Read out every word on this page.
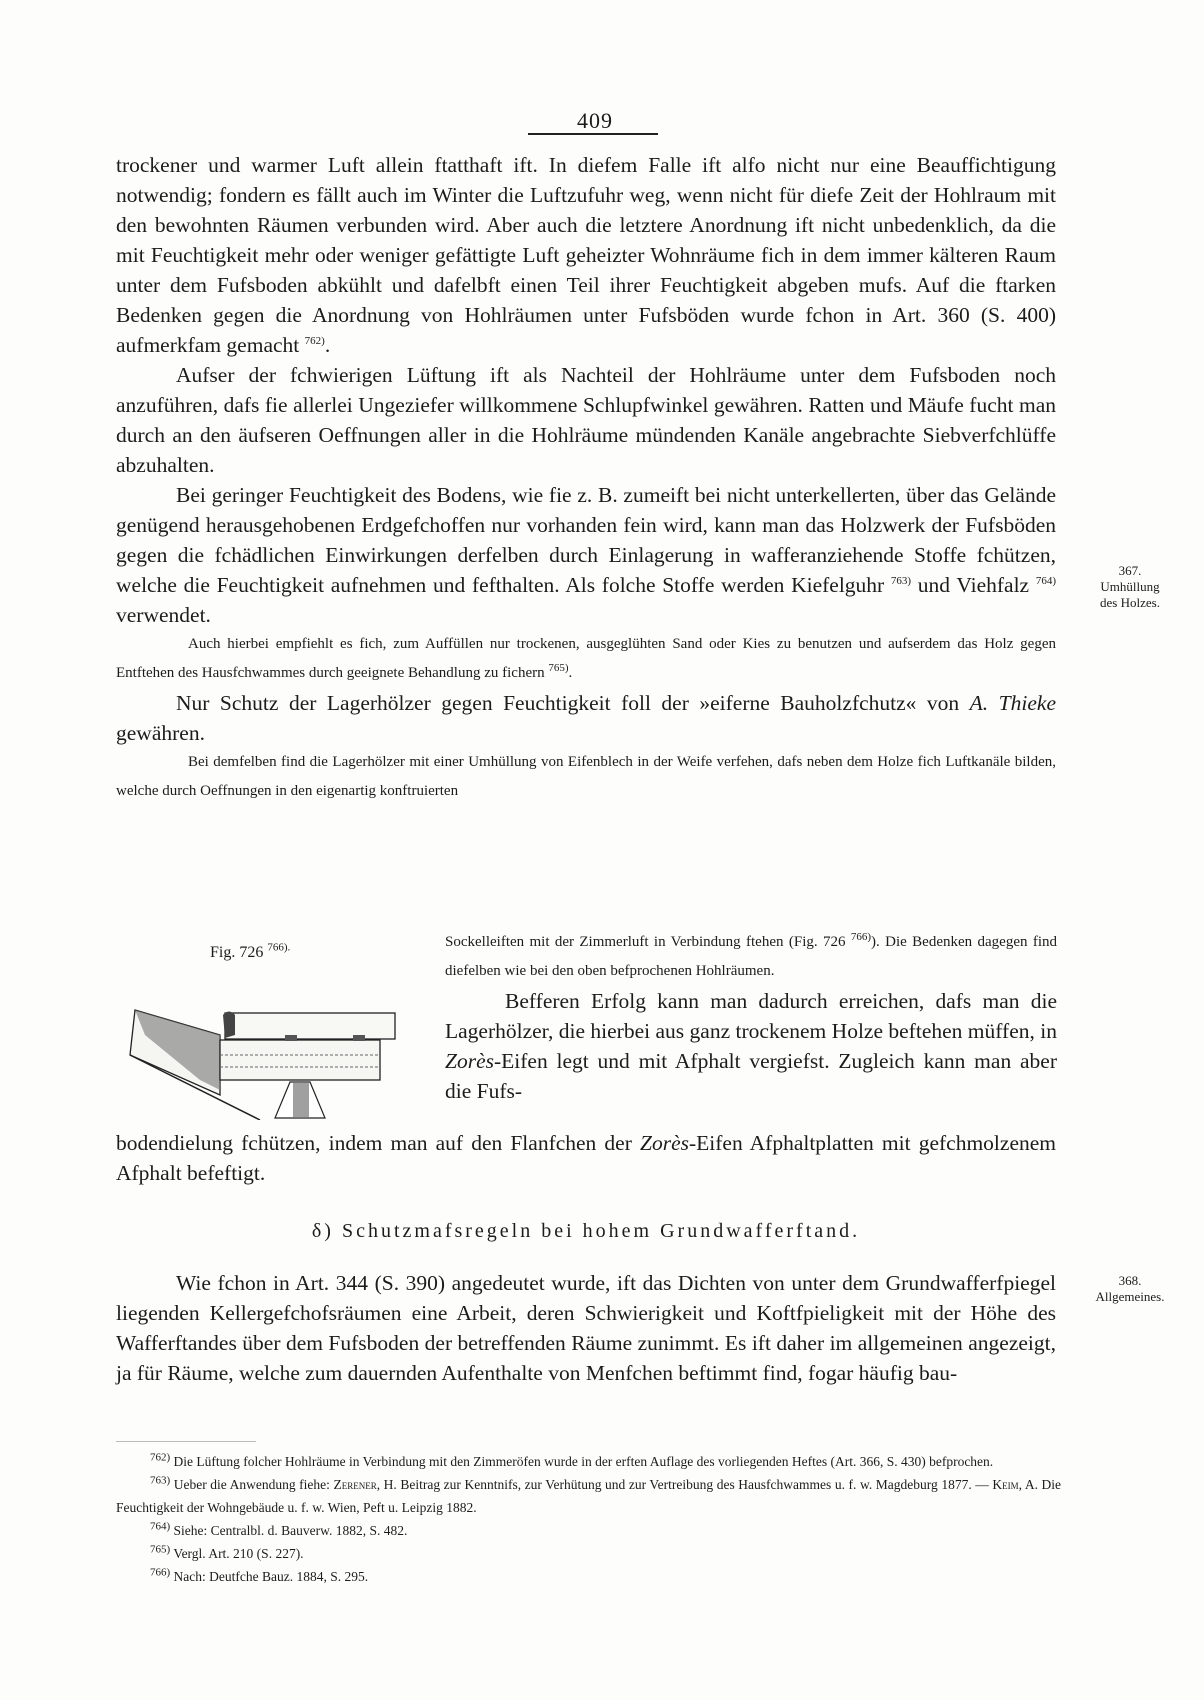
409

trockener und warmer Luft allein ftatthaft ift. In diefem Falle ift alfo nicht nur eine Beauffichtigung notwendig; fondern es fällt auch im Winter die Luftzufuhr weg, wenn nicht für diefe Zeit der Hohlraum mit den bewohnten Räumen verbunden wird. Aber auch die letztere Anordnung ift nicht unbedenklich, da die mit Feuchtigkeit mehr oder weniger gefättigte Luft geheizter Wohnräume fich in dem immer kälteren Raum unter dem Fufsboden abkühlt und dafelbft einen Teil ihrer Feuchtigkeit abgeben mufs. Auf die ftarken Bedenken gegen die Anordnung von Hohlräumen unter Fufsböden wurde fchon in Art. 360 (S. 400) aufmerkfam gemacht $^{762)}$.

Aufser der fchwierigen Lüftung ift als Nachteil der Hohlräume unter dem Fufsboden noch anzuführen, dafs fie allerlei Ungeziefer willkommene Schlupfwinkel gewähren. Ratten und Mäufe fucht man durch an den äufseren Oeffnungen aller in die Hohlräume mündenden Kanäle angebrachte Siebverfchlüffe abzuhalten.

Bei geringer Feuchtigkeit des Bodens, wie fie z. B. zumeift bei nicht unterkellerten, über das Gelände genügend herausgehobenen Erdgefchoffen nur vorhanden fein wird, kann man das Holzwerk der Fufsböden gegen die fchädlichen Einwirkungen derfelben durch Einlagerung in wafferanziehende Stoffe fchützen, welche die Feuchtigkeit aufnehmen und fefthalten. Als folche Stoffe werden Kiefelguhr $^{763)}$ und Viehfalz $^{764)}$ verwendet.

Auch hierbei empfiehlt es fich, zum Auffüllen nur trockenen, ausgeglühten Sand oder Kies zu benutzen und aufserdem das Holz gegen Entftehen des Hausfchwammes durch geeignete Behandlung zu fichern $^{765)}$.

Nur Schutz der Lagerhölzer gegen Feuchtigkeit foll der »eiferne Bauholzfchutz« von A. Thieke gewähren.

Bei demfelben find die Lagerhölzer mit einer Umhüllung von Eifenblech in der Weife verfehen, dafs neben dem Holze fich Luftkanäle bilden, welche durch Oeffnungen in den eigenartig konftruierten

367.
Umhüllung
des Holzes.
Fig. 726 $^{766).}$	Sockelleiften mit der Zimmerluft in Verbindung ftehen (Fig. 726 $^{766)}$). Die Bedenken dagegen find diefelben wie bei den oben befprochenen Hohlräumen.

Befferen Erfolg kann man dadurch erreichen, dafs man die Lagerhölzer, die hierbei aus ganz trockenem Holze beftehen müffen, in Zorès-Eifen legt und mit Afphalt vergiefst. Zugleich kann man aber die Fufs-

bodendielung fchützen, indem man auf den Flanfchen der Zorès-Eifen Afphaltplatten mit gefchmolzenem Afphalt befeftigt.

δ) Schutzmafsregeln bei hohem Grundwafferftand.

Wie fchon in Art. 344 (S. 390) angedeutet wurde, ift das Dichten von unter dem Grundwafferfpiegel liegenden Kellergefchofsräumen eine Arbeit, deren Schwierigkeit und Koftfpieligkeit mit der Höhe des Wafferftandes über dem Fufsboden der betreffenden Räume zunimmt. Es ift daher im allgemeinen angezeigt, ja für Räume, welche zum dauernden Aufenthalte von Menfchen beftimmt find, fogar häufig bau-

368.
Allgemeines.

$^{762)}$ Die Lüftung folcher Hohlräume in Verbindung mit den Zimmeröfen wurde in der erften Auflage des vorliegenden Heftes (Art. 366, S. 430) befprochen.

$^{763)}$ Ueber die Anwendung fiehe: Zerener, H. Beitrag zur Kenntnifs, zur Verhütung und zur Vertreibung des Hausfchwammes u. f. w. Magdeburg 1877. — Keim, A. Die Feuchtigkeit der Wohngebäude u. f. w. Wien, Peft u. Leipzig 1882.

$^{764)}$ Siehe: Centralbl. d. Bauverw. 1882, S. 482.

$^{765)}$ Vergl. Art. 210 (S. 227).

$^{766)}$ Nach: Deutfche Bauz. 1884, S. 295.
